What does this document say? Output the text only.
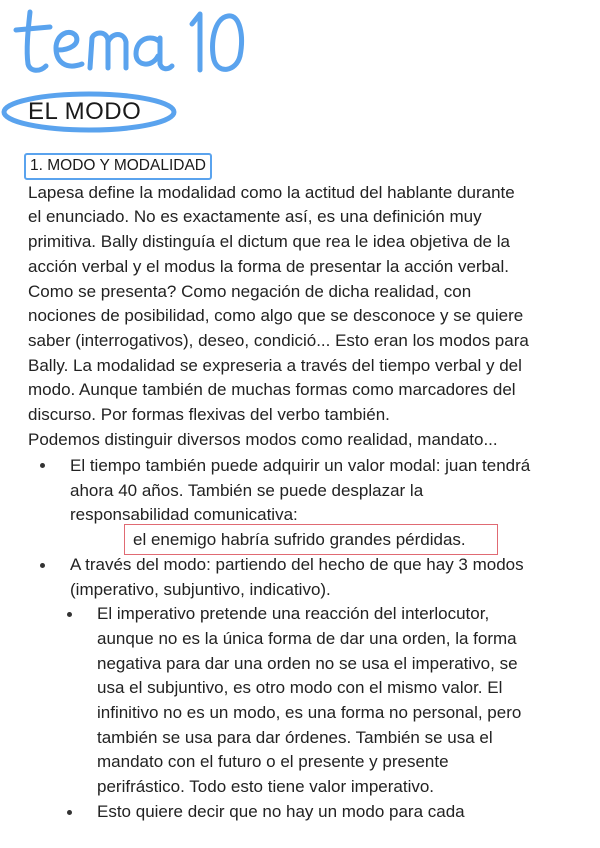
EL MODO
1. MODO Y MODALIDAD
Lapesa define la modalidad como la actitud del hablante durante
el enunciado. No es exactamente así, es una definición muy
primitiva. Bally distinguía el dictum que rea le idea objetiva de la
acción verbal y el modus la forma de presentar la acción verbal.
Como se presenta? Como negación de dicha realidad, con
nociones de posibilidad, como algo que se desconoce y se quiere
saber (interrogativos), deseo, condició... Esto eran los modos para
Bally. La modalidad se expreseria a través del tiempo verbal y del
modo. Aunque también de muchas formas como marcadores del
discurso. Por formas flexivas del verbo también.
Podemos distinguir diversos modos como realidad, mandato...
El tiempo también puede adquirir un valor modal: juan tendrá
ahora 40 años. También se puede desplazar la
responsabilidad comunicativa:
el enemigo habría sufrido grandes pérdidas.
A través del modo: partiendo del hecho de que hay 3 modos
(imperativo, subjuntivo, indicativo).
El imperativo pretende una reacción del interlocutor,
aunque no es la única forma de dar una orden, la forma
negativa para dar una orden no se usa el imperativo, se
usa el subjuntivo, es otro modo con el mismo valor. El
infinitivo no es un modo, es una forma no personal, pero
también se usa para dar órdenes. También se usa el
mandato con el futuro o el presente y presente
perifrástico. Todo esto tiene valor imperativo.
Esto quiere decir que no hay un modo para cada
